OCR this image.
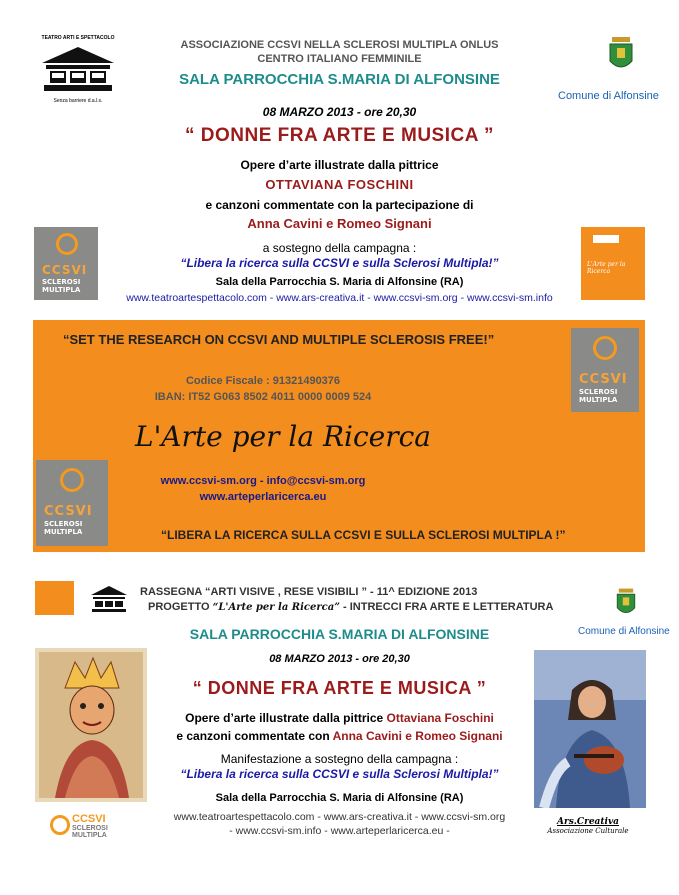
TEATRO ARTI E SPETTACOLO
Senza barriere d.a.l.s.
ASSOCIAZIONE CCSVI NELLA SCLEROSI MULTIPLA ONLUS
CENTRO ITALIANO FEMMINILE
SALA PARROCCHIA S.MARIA DI ALFONSINE
Comune di Alfonsine
08 MARZO 2013 - ore 20,30
“ DONNE FRA ARTE E MUSICA ”
Opere d’arte illustrate dalla pittrice
OTTAVIANA FOSCHINI
e canzoni commentate con la partecipazione di
Anna Cavini e Romeo Signani
a sostegno della campagna :
“Libera la ricerca sulla CCSVI e sulla Sclerosi Multipla!”
Sala della Parrocchia S. Maria di Alfonsine (RA)
www.teatroartespettacolo.com - www.ars-creativa.it - www.ccsvi-sm.org - www.ccsvi-sm.info
CCSVI
SCLEROSI
MULTIPLA
L'Arte per la Ricerca
“SET THE RESEARCH ON CCSVI AND MULTIPLE SCLEROSIS FREE!”
Codice Fiscale : 91321490376
IBAN: IT52 G063 8502 4011 0000 0009 524
L'Arte per la Ricerca
www.ccsvi-sm.org - info@ccsvi-sm.org
www.arteperlaricerca.eu
“LIBERA LA RICERCA SULLA CCSVI E SULLA SCLEROSI MULTIPLA !”
CCSVI
SCLEROSI
MULTIPLA
CCSVI
SCLEROSI
MULTIPLA
RASSEGNA “ARTI VISIVE , RESE VISIBILI ” - 11^ EDIZIONE 2013
PROGETTO “L'Arte per la Ricerca” - INTRECCI FRA ARTE E LETTERATURA
Comune di Alfonsine
SALA PARROCCHIA S.MARIA DI ALFONSINE
08 MARZO 2013 - ore 20,30
“ DONNE FRA ARTE E MUSICA ”
Opere d’arte illustrate dalla pittrice Ottaviana Foschini
e canzoni commentate con Anna Cavini e Romeo Signani
Manifestazione a sostegno della campagna :
“Libera la ricerca sulla CCSVI e sulla Sclerosi Multipla!”
Sala della Parrocchia S. Maria di Alfonsine (RA)
www.teatroartespettacolo.com - www.ars-creativa.it - www.ccsvi-sm.org
- www.ccsvi-sm.info - www.arteperlaricerca.eu -
CCSVI
SCLEROSI
MULTIPLA
Ars.Creativa
Associazione Culturale
